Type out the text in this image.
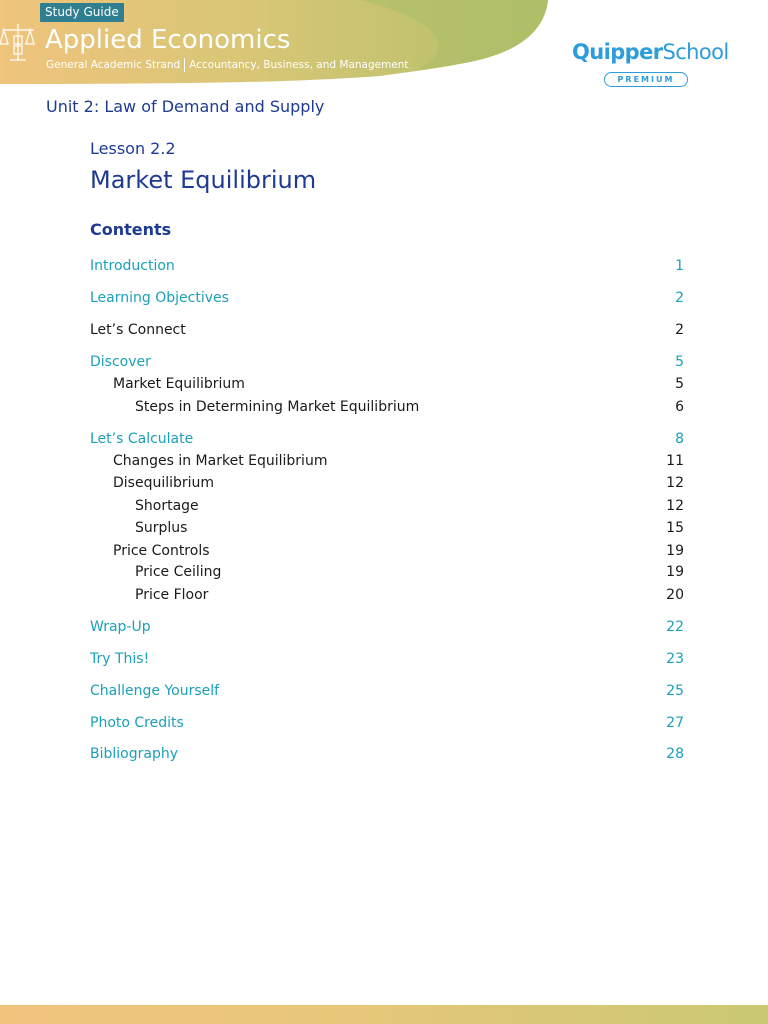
Study Guide
Applied Economics
General Academic Strand Accountancy, Business, and Management
QuipperSchool
PREMIUM
Unit 2: Law of Demand and Supply
Lesson 2.2
Market Equilibrium
Contents
Introduction	1
Learning Objectives	2
Let’s Connect	2
Discover	5
Market Equilibrium	5
Steps in Determining Market Equilibrium	6
Let’s Calculate	8
Changes in Market Equilibrium	11
Disequilibrium	12
Shortage	12
Surplus	15
Price Controls	19
Price Ceiling	19
Price Floor	20
Wrap-Up	22
Try This!	23
Challenge Yourself	25
Photo Credits	27
Bibliography	28
